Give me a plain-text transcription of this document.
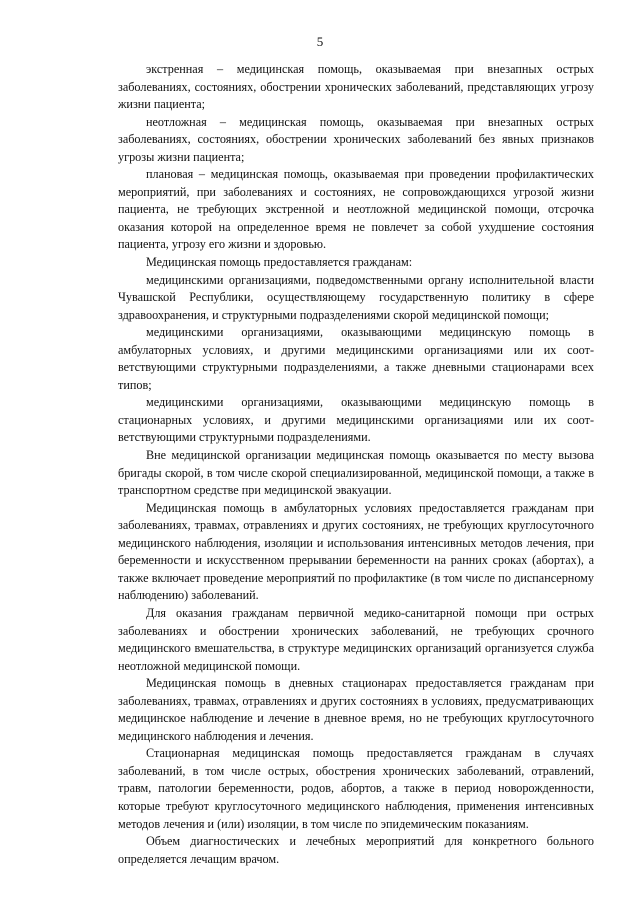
5

экстренная – медицинская помощь, оказываемая при внезапных острых заболеваниях, состояниях, обострении хронических заболеваний, представляющих угрозу жизни пациента;

неотложная – медицинская помощь, оказываемая при внезапных острых заболеваниях, состояниях, обострении хронических заболеваний без явных признаков угрозы жизни пациента;

плановая – медицинская помощь, оказываемая при проведении профилактических мероприятий, при заболеваниях и состояниях, не сопровождающихся угрозой жизни пациента, не требующих экстренной и неотложной медицинской помощи, отсрочка оказания которой на определенное время не повлечет за собой ухудшение состояния пациента, угрозу его жизни и здоровью.

Медицинская помощь предоставляется гражданам:

медицинскими организациями, подведомственными органу исполнительной власти Чувашской Республики, осуществляющему государственную политику в сфере здравоохранения, и структурными подразделениями скорой медицинской помощи;

медицинскими организациями, оказывающими медицинскую помощь в амбулаторных условиях, и другими медицинскими организациями или их соответствующими структурными подразделениями, а также дневными стационарами всех типов;

медицинскими организациями, оказывающими медицинскую помощь в стационарных условиях, и другими медицинскими организациями или их соответствующими структурными подразделениями.

Вне медицинской организации медицинская помощь оказывается по месту вызова бригады скорой, в том числе скорой специализированной, медицинской помощи, а также в транспортном средстве при медицинской эвакуации.

Медицинская помощь в амбулаторных условиях предоставляется гражданам при заболеваниях, травмах, отравлениях и других состояниях, не требующих круглосуточного медицинского наблюдения, изоляции и использования интенсивных методов лечения, при беременности и искусственном прерывании беременности на ранних сроках (абортах), а также включает проведение мероприятий по профилактике (в том числе по диспансерному наблюдению) заболеваний.

Для оказания гражданам первичной медико-санитарной помощи при острых заболеваниях и обострении хронических заболеваний, не требующих срочного медицинского вмешательства, в структуре медицинских организаций организуется служба неотложной медицинской помощи.

Медицинская помощь в дневных стационарах предоставляется гражданам при заболеваниях, травмах, отравлениях и других состояниях в условиях, предусматривающих медицинское наблюдение и лечение в дневное время, но не требующих круглосуточного медицинского наблюдения и лечения.

Стационарная медицинская помощь предоставляется гражданам в случаях заболеваний, в том числе острых, обострения хронических заболеваний, отравлений, травм, патологии беременности, родов, абортов, а также в период новорожденности, которые требуют круглосуточного медицинского наблюдения, применения интенсивных методов лечения и (или) изоляции, в том числе по эпидемическим показаниям.

Объем диагностических и лечебных мероприятий для конкретного больного определяется лечащим врачом.
